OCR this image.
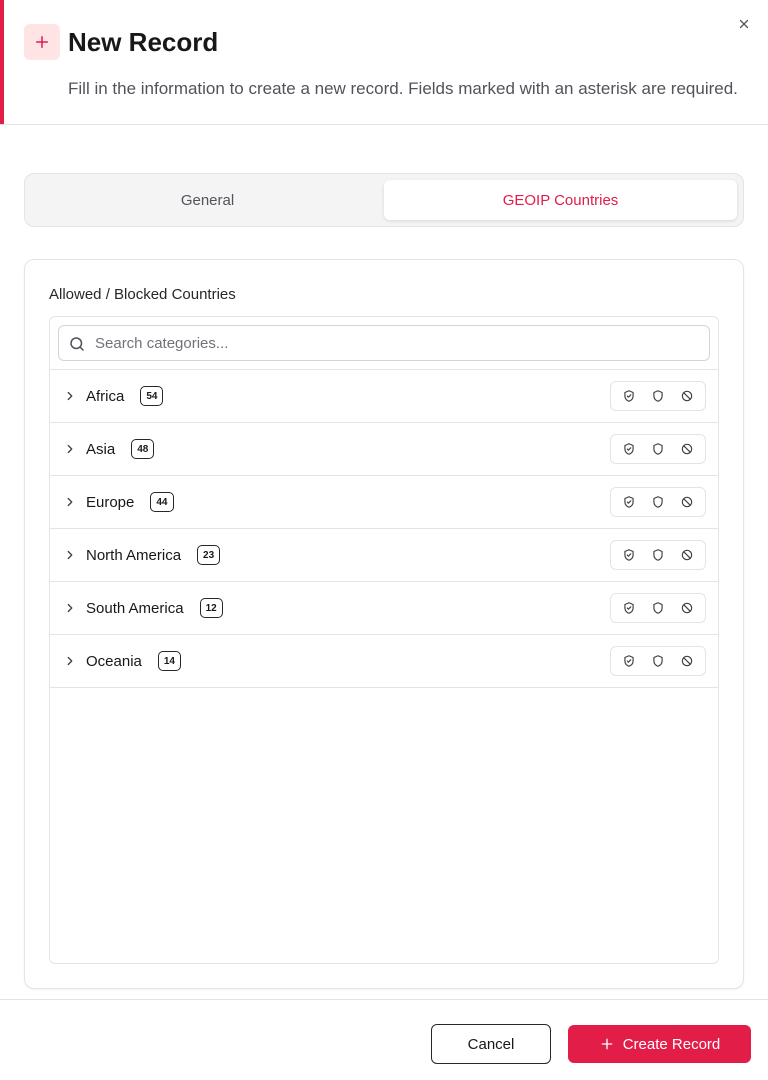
New Record

Fill in the information to create a new record. Fields marked with an asterisk are required.

General	GEOIP Countries
Allowed / Blocked Countries
Search categories...
Africa	54
Asia	48
Europe	44
North America	23
South America	12
Oceania	14
Cancel	Create Record
